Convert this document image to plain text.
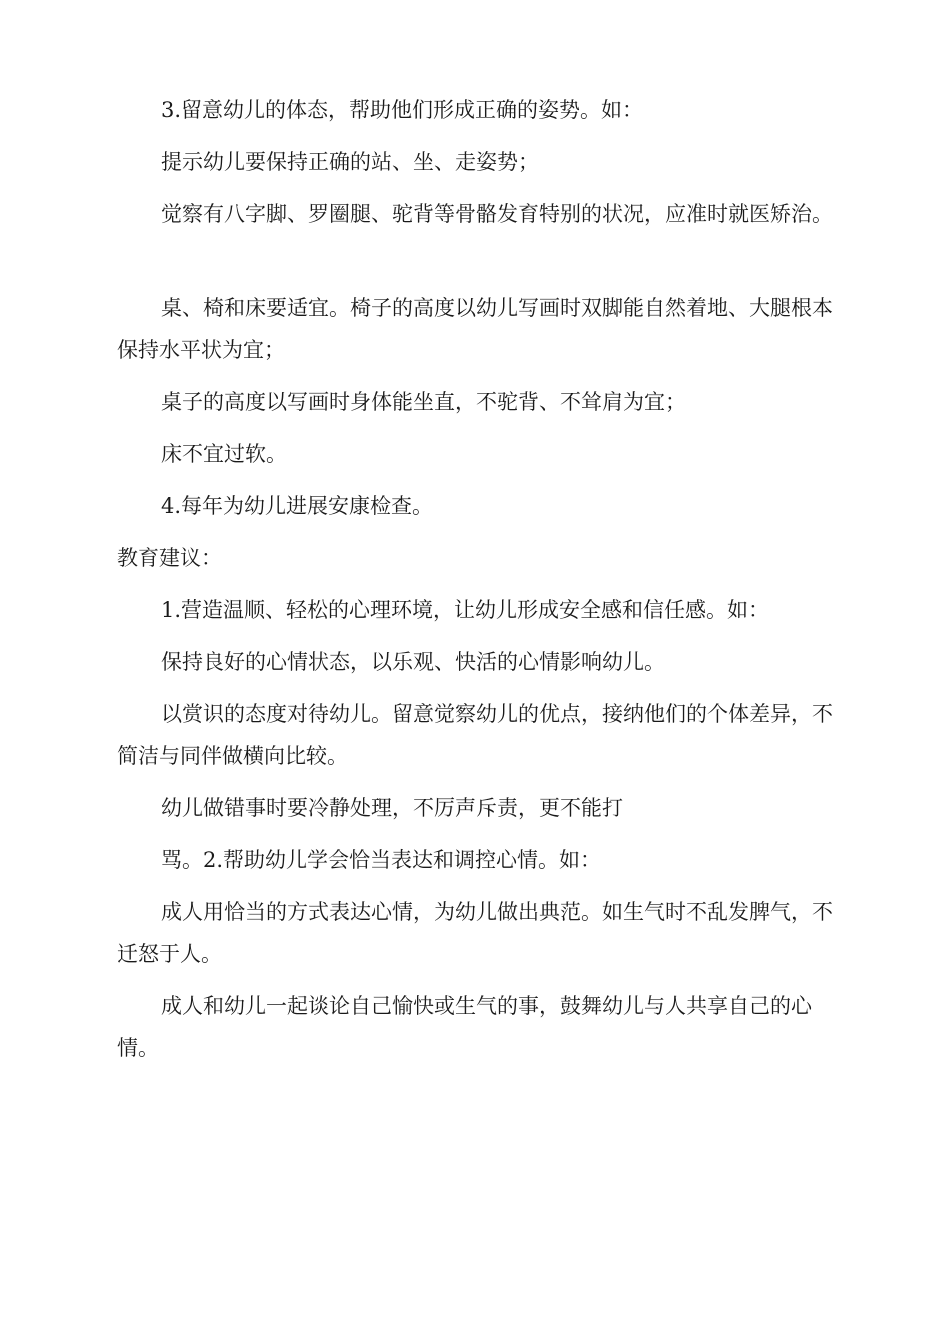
3.留意幼儿的体态，帮助他们形成正确的姿势。如：

提示幼儿要保持正确的站、坐、走姿势；

觉察有八字脚、罗圈腿、驼背等骨骼发育特别的状况，应准时就医矫治。

桌、椅和床要适宜。椅子的高度以幼儿写画时双脚能自然着地、大腿根本保持水平状为宜；

桌子的高度以写画时身体能坐直，不驼背、不耸肩为宜；

床不宜过软。

4.每年为幼儿进展安康检查。

教育建议：

1.营造温顺、轻松的心理环境，让幼儿形成安全感和信任感。如：

保持良好的心情状态，以乐观、快活的心情影响幼儿。

以赏识的态度对待幼儿。留意觉察幼儿的优点，接纳他们的个体差异，不简洁与同伴做横向比较。

幼儿做错事时要冷静处理，不厉声斥责，更不能打

骂。2.帮助幼儿学会恰当表达和调控心情。如：

成人用恰当的方式表达心情，为幼儿做出典范。如生气时不乱发脾气，不迁怒于人。

成人和幼儿一起谈论自己愉快或生气的事，鼓舞幼儿与人共享自己的心情。
